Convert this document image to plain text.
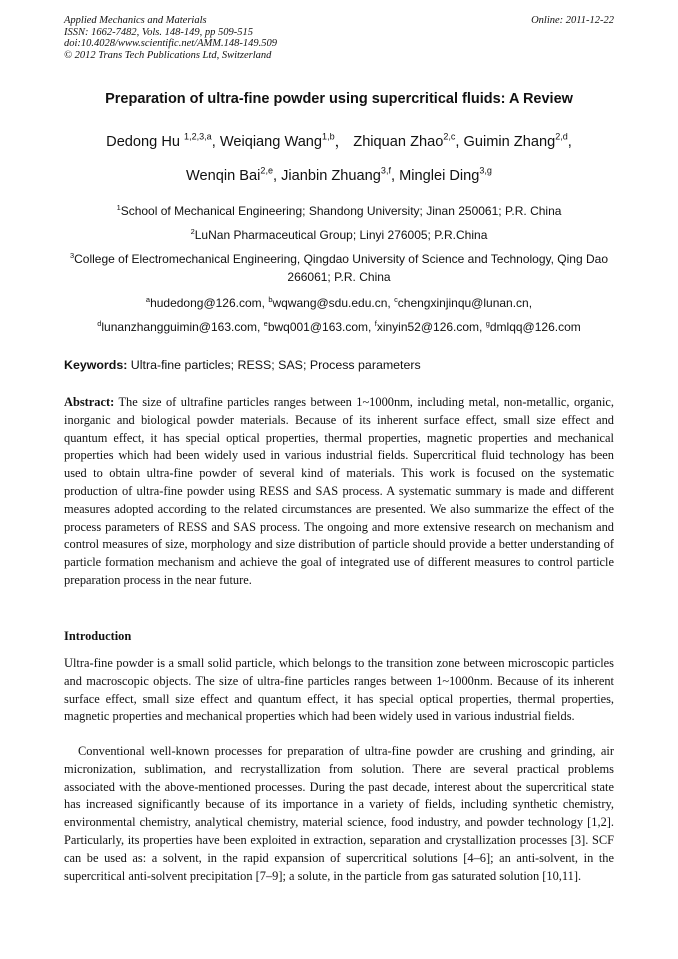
Applied Mechanics and Materials
ISSN: 1662-7482, Vols. 148-149, pp 509-515
doi:10.4028/www.scientific.net/AMM.148-149.509
© 2012 Trans Tech Publications Ltd, Switzerland
Online: 2011-12-22
Preparation of ultra-fine powder using supercritical fluids: A Review
Dedong Hu $^{1,2,3,a}$, Weiqiang Wang$^{1,b}$， Zhiquan Zhao$^{2,c}$, Guimin Zhang$^{2,d}$,
Wenqin Bai$^{2,e}$, Jianbin Zhuang$^{3,f}$, Minglei Ding$^{3,g}$
$^1$School of Mechanical Engineering; Shandong University; Jinan 250061; P.R. China
$^2$LuNan Pharmaceutical Group; Linyi 276005; P.R.China
$^3$College of Electromechanical Engineering, Qingdao University of Science and Technology, Qing Dao 266061; P.R. China
$^a$hudedong@126.com, $^b$wqwang@sdu.edu.cn, $^c$chengxinjinqu@lunan.cn,
$^d$lunanzhangguimin@163.com, $^e$bwq001@163.com, $^f$xinyin52@126.com, $^g$dmlqq@126.com
Keywords: Ultra-fine particles; RESS; SAS; Process parameters
Abstract: The size of ultrafine particles ranges between 1~1000nm, including metal, non-metallic, organic, inorganic and biological powder materials. Because of its inherent surface effect, small size effect and quantum effect, it has special optical properties, thermal properties, magnetic properties and mechanical properties which had been widely used in various industrial fields. Supercritical fluid technology has been used to obtain ultra-fine powder of several kind of materials. This work is focused on the systematic production of ultra-fine powder using RESS and SAS process. A systematic summary is made and different measures adopted according to the related circumstances are presented. We also summarize the effect of the process parameters of RESS and SAS process. The ongoing and more extensive research on mechanism and control measures of size, morphology and size distribution of particle should provide a better understanding of particle formation mechanism and achieve the goal of integrated use of different measures to control particle preparation process in the near future.
Introduction
Ultra-fine powder is a small solid particle, which belongs to the transition zone between microscopic particles and macroscopic objects. The size of ultra-fine particles ranges between 1~1000nm. Because of its inherent surface effect, small size effect and quantum effect, it has special optical properties, thermal properties, magnetic properties and mechanical properties which had been widely used in various industrial fields.
Conventional well-known processes for preparation of ultra-fine powder are crushing and grinding, air micronization, sublimation, and recrystallization from solution. There are several practical problems associated with the above-mentioned processes. During the past decade, interest about the supercritical state has increased significantly because of its importance in a variety of fields, including synthetic chemistry, environmental chemistry, analytical chemistry, material science, food industry, and powder technology [1,2]. Particularly, its properties have been exploited in extraction, separation and crystallization processes [3]. SCF can be used as: a solvent, in the rapid expansion of supercritical solutions [4–6]; an anti-solvent, in the supercritical anti-solvent precipitation [7–9]; a solute, in the particle from gas saturated solution [10,11].
